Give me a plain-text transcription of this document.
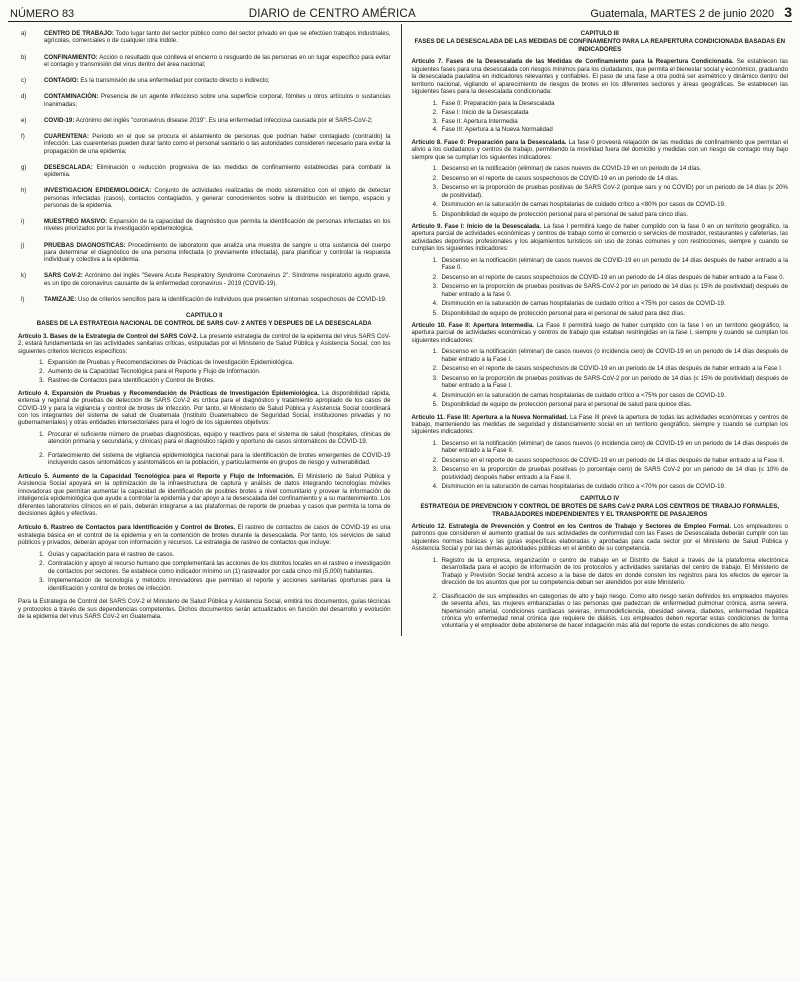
NÚMERO 83	DIARIO de CENTRO AMÉRICA	Guatemala, MARTES 2 de junio 2020 3
a)	CENTRO DE TRABAJO: Todo lugar tanto del sector público como del sector privado en que se efectúen trabajos industriales, agrícolas, comerciales o de cualquier otra índole.
b)	CONFINAMIENTO: Acción o resultado que conlleva el encierro o resguardo de las personas en un lugar específico para evitar el contagio y transmisión del virus dentro del área nacional;
c)	CONTAGIO: Es la transmisión de una enfermedad por contacto directo o indirecto;
d)	CONTAMINACIÓN: Presencia de un agente infeccioso sobre una superficie corporal, fómites u otros artículos o sustancias inanimadas;
e)	COVID-19: Acrónimo del inglés "coronavirus disease 2019". Es una enfermedad infecciosa causada por el SARS-CoV-2;
f)	CUARENTENA: Periodo en el que se procura el aislamiento de personas que podrían haber contagiado (contraído) la infección. Las cuarentenas pueden durar tanto como el personal sanitario o las autoridades consideren necesario para evitar la propagación de una epidemia;
g)	DESESCALADA: Eliminación o reducción progresiva de las medidas de confinamiento establecidas para combatir la epidemia.
h)	INVESTIGACION EPIDEMIOLOGICA: Conjunto de actividades realizadas de modo sistemático con el objeto de detectar personas infectadas (casos), contactos contagiados, y generar conocimientos sobre la distribución en tiempo, espacio y personas de la epidemia.
i)	MUESTREO MASIVO: Expansión de la capacidad de diagnóstico que permita la identificación de personas infectadas en los niveles priorizados por la investigación epidemiológica.
j)	PRUEBAS DIAGNOSTICAS: Procedimiento de laboratorio que analiza una muestra de sangre u otra sustancia del cuerpo para determinar el diagnóstico de una persona infectada (o previamente infectada), para planificar y controlar la respuesta individual y colectiva a la epidemia.
k)	SARS CoV-2: Acrónimo del inglés "Severe Acute Respiratory Syndrome Coronavirus 2". Síndrome respiratorio agudo grave, es un tipo de coronavirus causante de la enfermedad coronavirus - 2019 (COVID-19).
l)	TAMIZAJE: Uso de criterios sencillos para la identificación de individuos que presenten síntomas sospechosos de COVID-19.

CAPITULO II

BASES DE LA ESTRATEGIA NACIONAL DE CONTROL DE SARS CoV- 2 ANTES Y DESPUES DE LA DESESCALADA

Artículo 3. Bases de la Estrategia de Control del SARS CoV-2. La presente estrategia de control de la epidemia del virus SARS CoV-2, estará fundamentada en las actividades sanitarias críticas, estipuladas por el Ministerio de Salud Pública y Asistencia Social, con los siguientes criterios técnicos específicos:

1. Expansión de Pruebas y Recomendaciones de Prácticas de Investigación Epidemiológica.
2. Aumento de la Capacidad Tecnológica para el Reporte y Flujo de Información.
3. Rastreo de Contactos para Identificación y Control de Brotes.

Artículo 4. Expansión de Pruebas y Recomendación de Prácticas de Investigación Epidemiológica. La disponibilidad rápida, extensa y regional de pruebas de detección de SARS CoV-2 es crítica para el diagnóstico y tratamiento apropiado de los casos de COVID-19 y para la vigilancia y control de brotes de infección. Por tanto, el Ministerio de Salud Pública y Asistencia Social coordinará con los integrantes del sistema de salud de Guatemala (Instituto Guatemalteco de Seguridad Social, instituciones privadas y no gubernamentales) y otras entidades intersectoriales para el logro de los siguientes objetivos:

1. Procurar el suficiente número de pruebas diagnósticas, equipo y reactivos para el sistema de salud (hospitales, clínicas de atención primaria y secundaria, y clínicas) para el diagnóstico rápido y oportuno de casos sintomáticos de COVID-19.
2. Fortalecimiento del sistema de vigilancia epidemiológica nacional para la identificación de brotes emergentes de COVID-19 incluyendo casos sintomáticos y asintomáticos en la población, y particularmente en grupos de riesgo y vulnerabilidad.

Artículo 5. Aumento de la Capacidad Tecnológica para el Reporte y Flujo de Información. El Ministerio de Salud Pública y Asistencia Social apoyará en la optimización de la infraestructura de captura y análisis de datos integrando tecnologías móviles innovadoras que permitan aumentar la capacidad de identificación de posibles brotes a nivel comunitario y proveer la información de inteligencia epidemiológica que ayude a controlar la epidemia y dar apoyo a la desescalada del confinamiento y a su mantenimiento. Los diferentes laboratorios clínicos en el país, deberán integrarse a las plataformas de reporte de pruebas y casos que permita la toma de decisiones ágiles y efectivas.

Artículo 6. Rastreo de Contactos para Identificación y Control de Brotes. El rastreo de contactos de casos de COVID-19 es una estrategia básica en el control de la epidemia y en la contención de brotes durante la desescalada. Por tanto, los servicios de salud públicos y privados, deberán apoyar con información y recursos. La estrategia de rastreo de contactos que incluye:

1. Guías y capacitación para el rastreo de casos.
2. Contratación y apoyo al recurso humano que complementará las acciones de los distritos locales en el rastreo e investigación de contactos por sectores. Se establece como indicador mínimo un (1) rastreador por cada cinco mil (5,000) habitantes.
3. Implementación de tecnología y métodos innovadores que permitan el reporte y acciones sanitarias oportunas para la identificación y control de brotes de infección.

Para la Estrategia de Control del SARS CoV-2 el Ministerio de Salud Pública y Asistencia Social, emitirá los documentos, guías técnicas y protocolos a través de sus dependencias competentes. Dichos documentos serán actualizados en función del desarrollo y evolución de la epidemia del virus SARS CoV-2 en Guatemala.

CAPITULO III

FASES DE LA DESESCALADA DE LAS MEDIDAS DE CONFINAMIENTO PARA LA REAPERTURA CONDICIONADA BASADAS EN INDICADORES

Artículo 7. Fases de la Desescalada de las Medidas de Confinamiento para la Reapertura Condicionada. Se establecen las siguientes fases para una desescalada con riesgos mínimos para los ciudadanos, que permita el bienestar social y económico, graduando la desescalada paulatina en indicadores relevantes y confiables. El paso de una fase a otra podrá ser asimétrico y dinámico dentro del territorio nacional, vigilando el aparecimiento de riesgos de brotes en los diferentes sectores y áreas geográficas. Se establecen las siguientes fases para la desescalada condicionada:

1. Fase 0: Preparación para la Desescalada
2. Fase I: Inicio de la Desescalada
3. Fase II: Apertura Intermedia
4. Fase III: Apertura a la Nueva Normalidad

Artículo 8. Fase 0: Preparación para la Desescalada. La fase 0 proveerá relajación de las medidas de confinamiento que permitan el alivio a los ciudadanos y centros de trabajo, permitiendo la movilidad fuera del domicilio y medidas con un riesgo de contagio muy bajo siempre que se cumplan los siguientes indicadores:

1. Descenso en la notificación (eliminar) de casos nuevos de COVID-19 en un periodo de 14 días.
2. Descenso en el reporte de casos sospechosos de COVID-19 en un periodo de 14 días.
3. Descenso en la proporción de pruebas positivas de SARS CoV-2 (porque sars y no COVID) por un periodo de 14 días (≤ 20% de positividad).
4. Disminución en la saturación de camas hospitalarias de cuidado crítico a <80% por casos de COVID-19.
5. Disponibilidad de equipo de protección personal para el personal de salud para cinco días.

Artículo 9. Fase I: Inicio de la Desescalada. La fase I permitirá luego de haber cumplido con la fase 0 en un territorio geográfico, la apertura parcial de actividades económicas y centros de trabajo como el comercio o servicios de mostrador, restaurantes y cafeterías, las actividades deportivas profesionales y los alojamientos turísticos sin uso de zonas comunes y con restricciones, siempre y cuando se cumplan los siguientes indicadores:

1. Descenso en la notificación (eliminar) de casos nuevos de COVID-19 en un periodo de 14 días después de haber entrado a la Fase 0.
2. Descenso en el reporte de casos sospechosos de COVID-19 en un periodo de 14 días después de haber entrado a la Fase 0.
3. Descenso en la proporción de pruebas positivas de SARS-CoV-2 por un periodo de 14 días (≤ 15% de positividad) después de haber entrado a la fase 0.
4. Disminución en la saturación de camas hospitalarias de cuidado crítico a <75% por casos de COVID-19.
5. Disponibilidad de equipo de protección personal para el personal de salud para diez días.

Artículo 10. Fase II: Apertura Intermedia. La Fase II permitirá luego de haber cumplido con la fase I en un territorio geográfico, la apertura parcial de actividades económicas y centros de trabajo que estaban restringidas en la fase I, siempre y cuando se cumplan los siguientes indicadores:

1. Descenso en la notificación (eliminar) de casos nuevos (o incidencia cero) de COVID-19 en un periodo de 14 días después de haber entrado a la Fase I.
2. Descenso en el reporte de casos sospechosos de COVID-19 en un periodo de 14 días después de haber entrado a la Fase I.
3. Descenso en la proporción de pruebas positivas de SARS-CoV-2 por un periodo de 14 días (≤ 15% de positividad) después de haber entrado a la Fase I.
4. Disminución en la saturación de camas hospitalarias de cuidado crítico a <75% por casos de COVID-19.
5. Disponibilidad de equipo de protección personal para el personal de salud para quince días.

Artículo 11. Fase III: Apertura a la Nueva Normalidad. La Fase III prevé la apertura de todas las actividades económicas y centros de trabajo, manteniendo las medidas de seguridad y distanciamiento social en un territorio geográfico, siempre y cuando se cumplan los siguientes indicadores:

1. Descenso en la notificación (eliminar) de casos nuevos (o incidencia cero) de COVID-19 en un periodo de 14 días después de haber entrado a la Fase II.
2. Descenso en el reporte de casos sospechosos de COVID-19 en un periodo de 14 días después de haber entrado a la Fase II.
3. Descenso en la proporción de pruebas positivas (o porcentaje cero) de SARS CoV-2 por un periodo de 14 días (≤ 10% de positividad) después haber entrado a la Fase II.
4. Disminución en la saturación de camas hospitalarias de cuidado crítico a <70% por casos de COVID-19.

CAPITULO IV

ESTRATEGIA DE PREVENCION Y CONTROL DE BROTES DE SARS CoV-2 PARA LOS CENTROS DE TRABAJO FORMALES, TRABAJADORES INDEPENDIENTES Y EL TRANSPORTE DE PASAJEROS

Artículo 12. Estrategia de Prevención y Control en los Centros de Trabajo y Sectores de Empleo Formal. Los empleadores o patronos que consideren el aumento gradual de sus actividades de conformidad con las Fases de Desescalada deberán cumplir con las siguientes normas básicas y las guías específicas elaboradas y aprobadas para cada sector por el Ministerio de Salud Pública y Asistencia Social y por las demás autoridades públicas en el ámbito de su competencia.

1. Registro de la empresa, organización o centro de trabajo en el Distrito de Salud a través de la plataforma electrónica desarrollada para el acopio de información de los protocolos y actividades sanitarias del centro de trabajo. El Ministerio de Trabajo y Previsión Social tendrá acceso a la base de datos en donde consten los registros para los efectos de ejercer la dirección de los asuntos que por su competencia deban ser atendidos por este Ministerio.
2. Clasificación de sus empleados en categorías de alto y bajo riesgo. Como alto riesgo serán definidos los empleados mayores de sesenta años, las mujeres embarazadas o las personas que padezcan de enfermedad pulmonar crónica, asma severa, hipertensión arterial, condiciones cardíacas severas, inmunodeficiencia, obesidad severa, diabetes, enfermedad hepática crónica y/o enfermedad renal crónica que requiere de diálisis. Los empleados deben reportar estas condiciones de forma voluntaria y el empleador debe abstenerse de hacer indagación más allá del reporte de estas condiciones de alto riesgo.
